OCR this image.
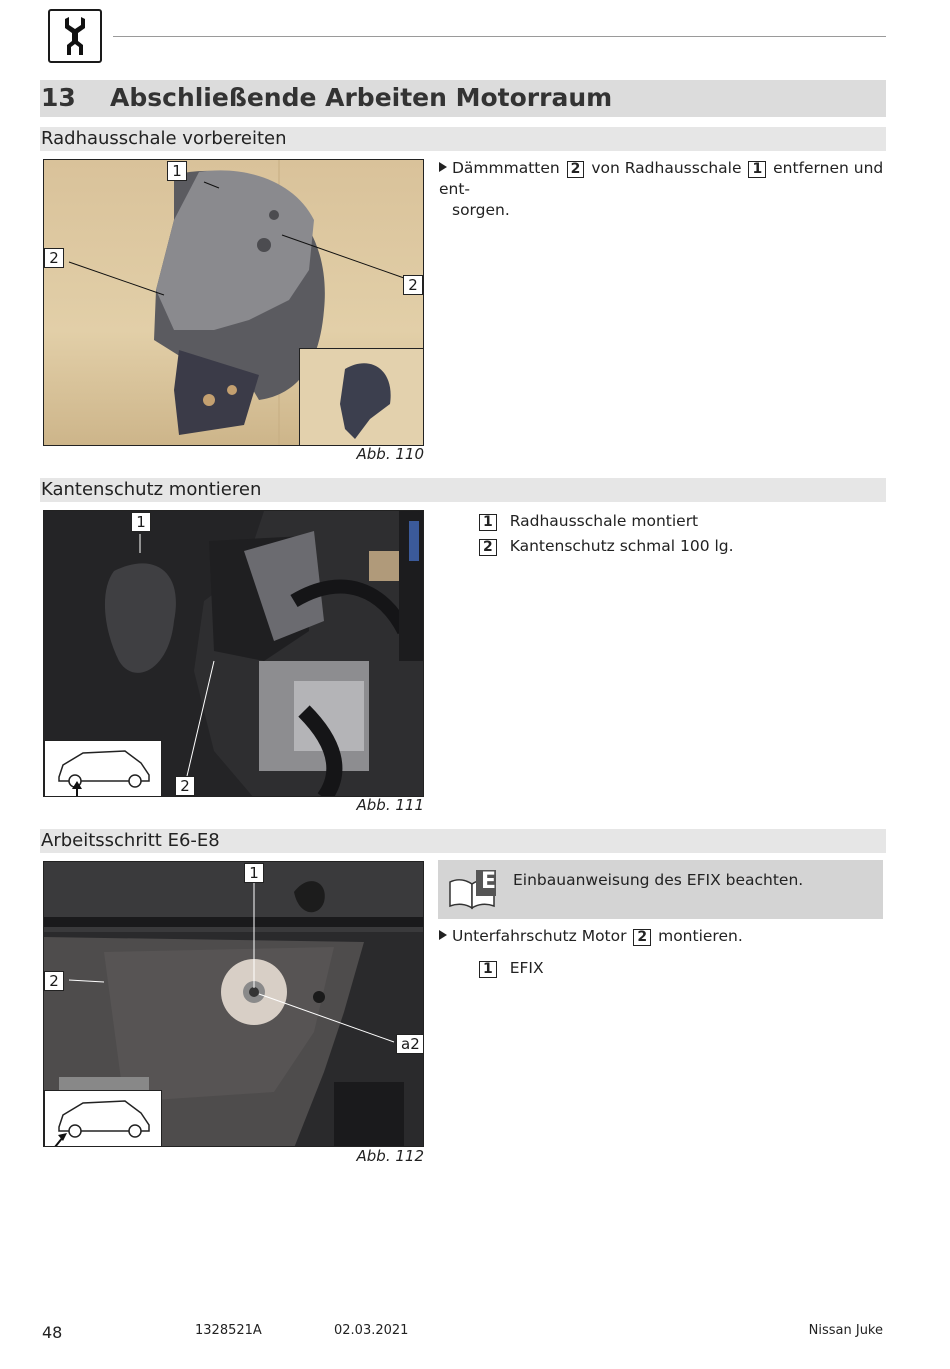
13 Abschließende Arbeiten Motorraum
Radhausschale vorbereiten
1
2
2
Abb. 110
Dämmmatten 2 von Radhausschale 1 entfernen und ent-
sorgen.
Kantenschutz montieren
1
2
Abb. 111
1 Radhausschale montiert
2 Kantenschutz schmal 100 lg.
Arbeitsschritt E6-E8
1
2
a2
Abb. 112
E Einbauanweisung des EFIX beachten.
Unterfahrschutz Motor 2 montieren.
1 EFIX
48	1328521A	02.03.2021	Nissan Juke
